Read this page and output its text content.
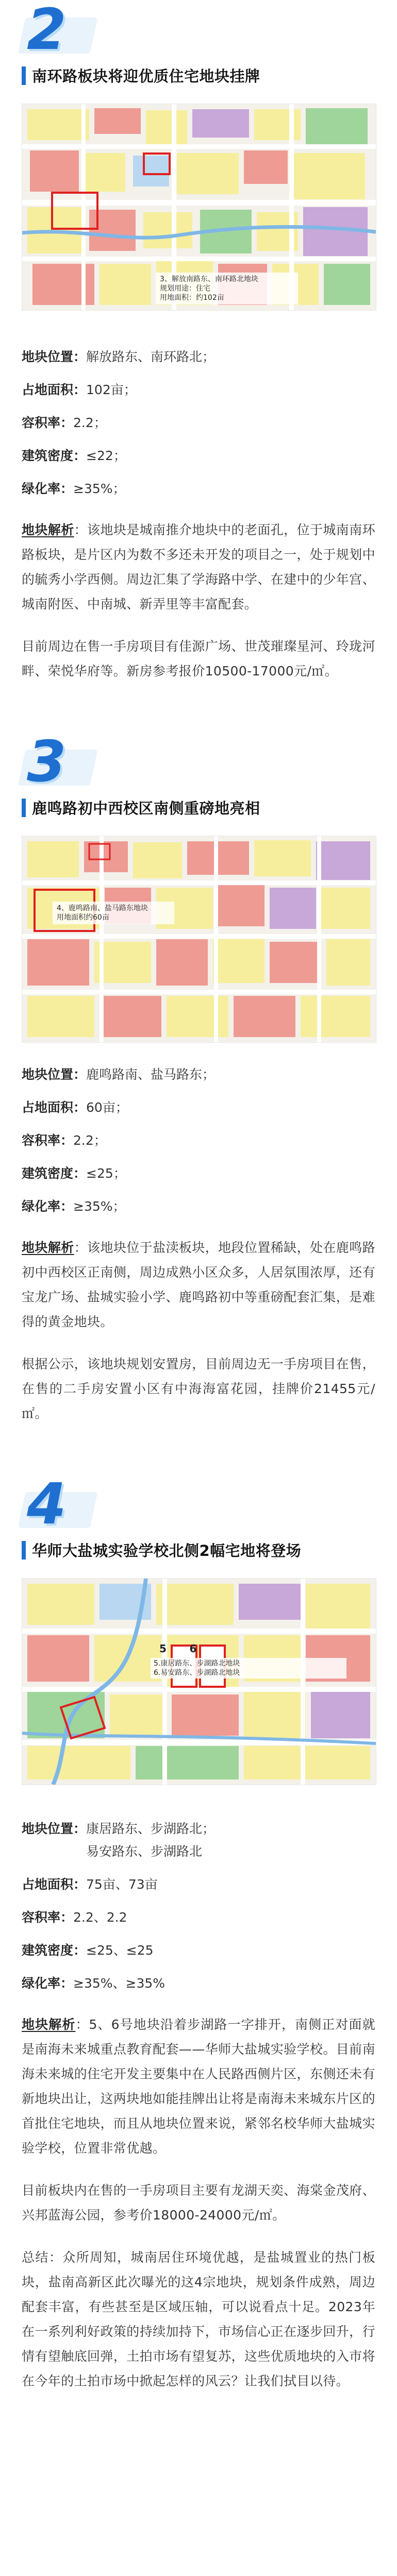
2
南环路板块将迎优质住宅地块挂牌
3、解放南路东、南环路北地块
规划用途：住宅
用地面积：约102亩

地块位置：解放路东、南环路北；

占地面积：102亩；

容积率：2.2；

建筑密度：≤22；

绿化率：≥35%；

地块解析：该地块是城南推介地块中的老面孔，位于城南南环路板块，是片区内为数不多还未开发的项目之一，处于规划中的毓秀小学西侧。周边汇集了学海路中学、在建中的少年宫、城南附医、中南城、新弄里等丰富配套。

目前周边在售一手房项目有佳源广场、世茂璀璨星河、玲珑河畔、荣悦华府等。新房参考报价10500-17000元/㎡。

3
鹿鸣路初中西校区南侧重磅地亮相
4、鹿鸣路南、盐马路东地块
用地面积约60亩

地块位置：鹿鸣路南、盐马路东；

占地面积：60亩；

容积率：2.2；

建筑密度：≤25；

绿化率：≥35%；

地块解析：该地块位于盐渎板块，地段位置稀缺，处在鹿鸣路初中西校区正南侧，周边成熟小区众多，人居氛围浓厚，还有宝龙广场、盐城实验小学、鹿鸣路初中等重磅配套汇集，是难得的黄金地块。

根据公示，该地块规划安置房，目前周边无一手房项目在售，在售的二手房安置小区有中海海富花园，挂牌价21455元/㎡。

4
华师大盐城实验学校北侧2幅宅地将登场
5 6
5.康居路东、步湖路北地块
6.易安路东、步湖路北地块

地块位置：康居路东、步湖路北；
易安路东、步湖路北

占地面积：75亩、73亩

容积率：2.2、2.2

建筑密度：≤25、≤25

绿化率：≥35%、≥35%

地块解析：5、6号地块沿着步湖路一字排开，南侧正对面就是南海未来城重点教育配套——华师大盐城实验学校。目前南海未来城的住宅开发主要集中在人民路西侧片区，东侧还未有新地块出让，这两块地如能挂牌出让将是南海未来城东片区的首批住宅地块，而且从地块位置来说，紧邻名校华师大盐城实验学校，位置非常优越。

目前板块内在售的一手房项目主要有龙湖天奕、海棠金茂府、兴邦蓝海公园，参考价18000-24000元/㎡。

总结：众所周知，城南居住环境优越，是盐城置业的热门板块，盐南高新区此次曝光的这4宗地块，规划条件成熟，周边配套丰富，有些甚至是区域压轴，可以说看点十足。2023年在一系列利好政策的持续加持下，市场信心正在逐步回升，行情有望触底回弹，土拍市场有望复苏，这些优质地块的入市将在今年的土拍市场中掀起怎样的风云？让我们拭目以待。
